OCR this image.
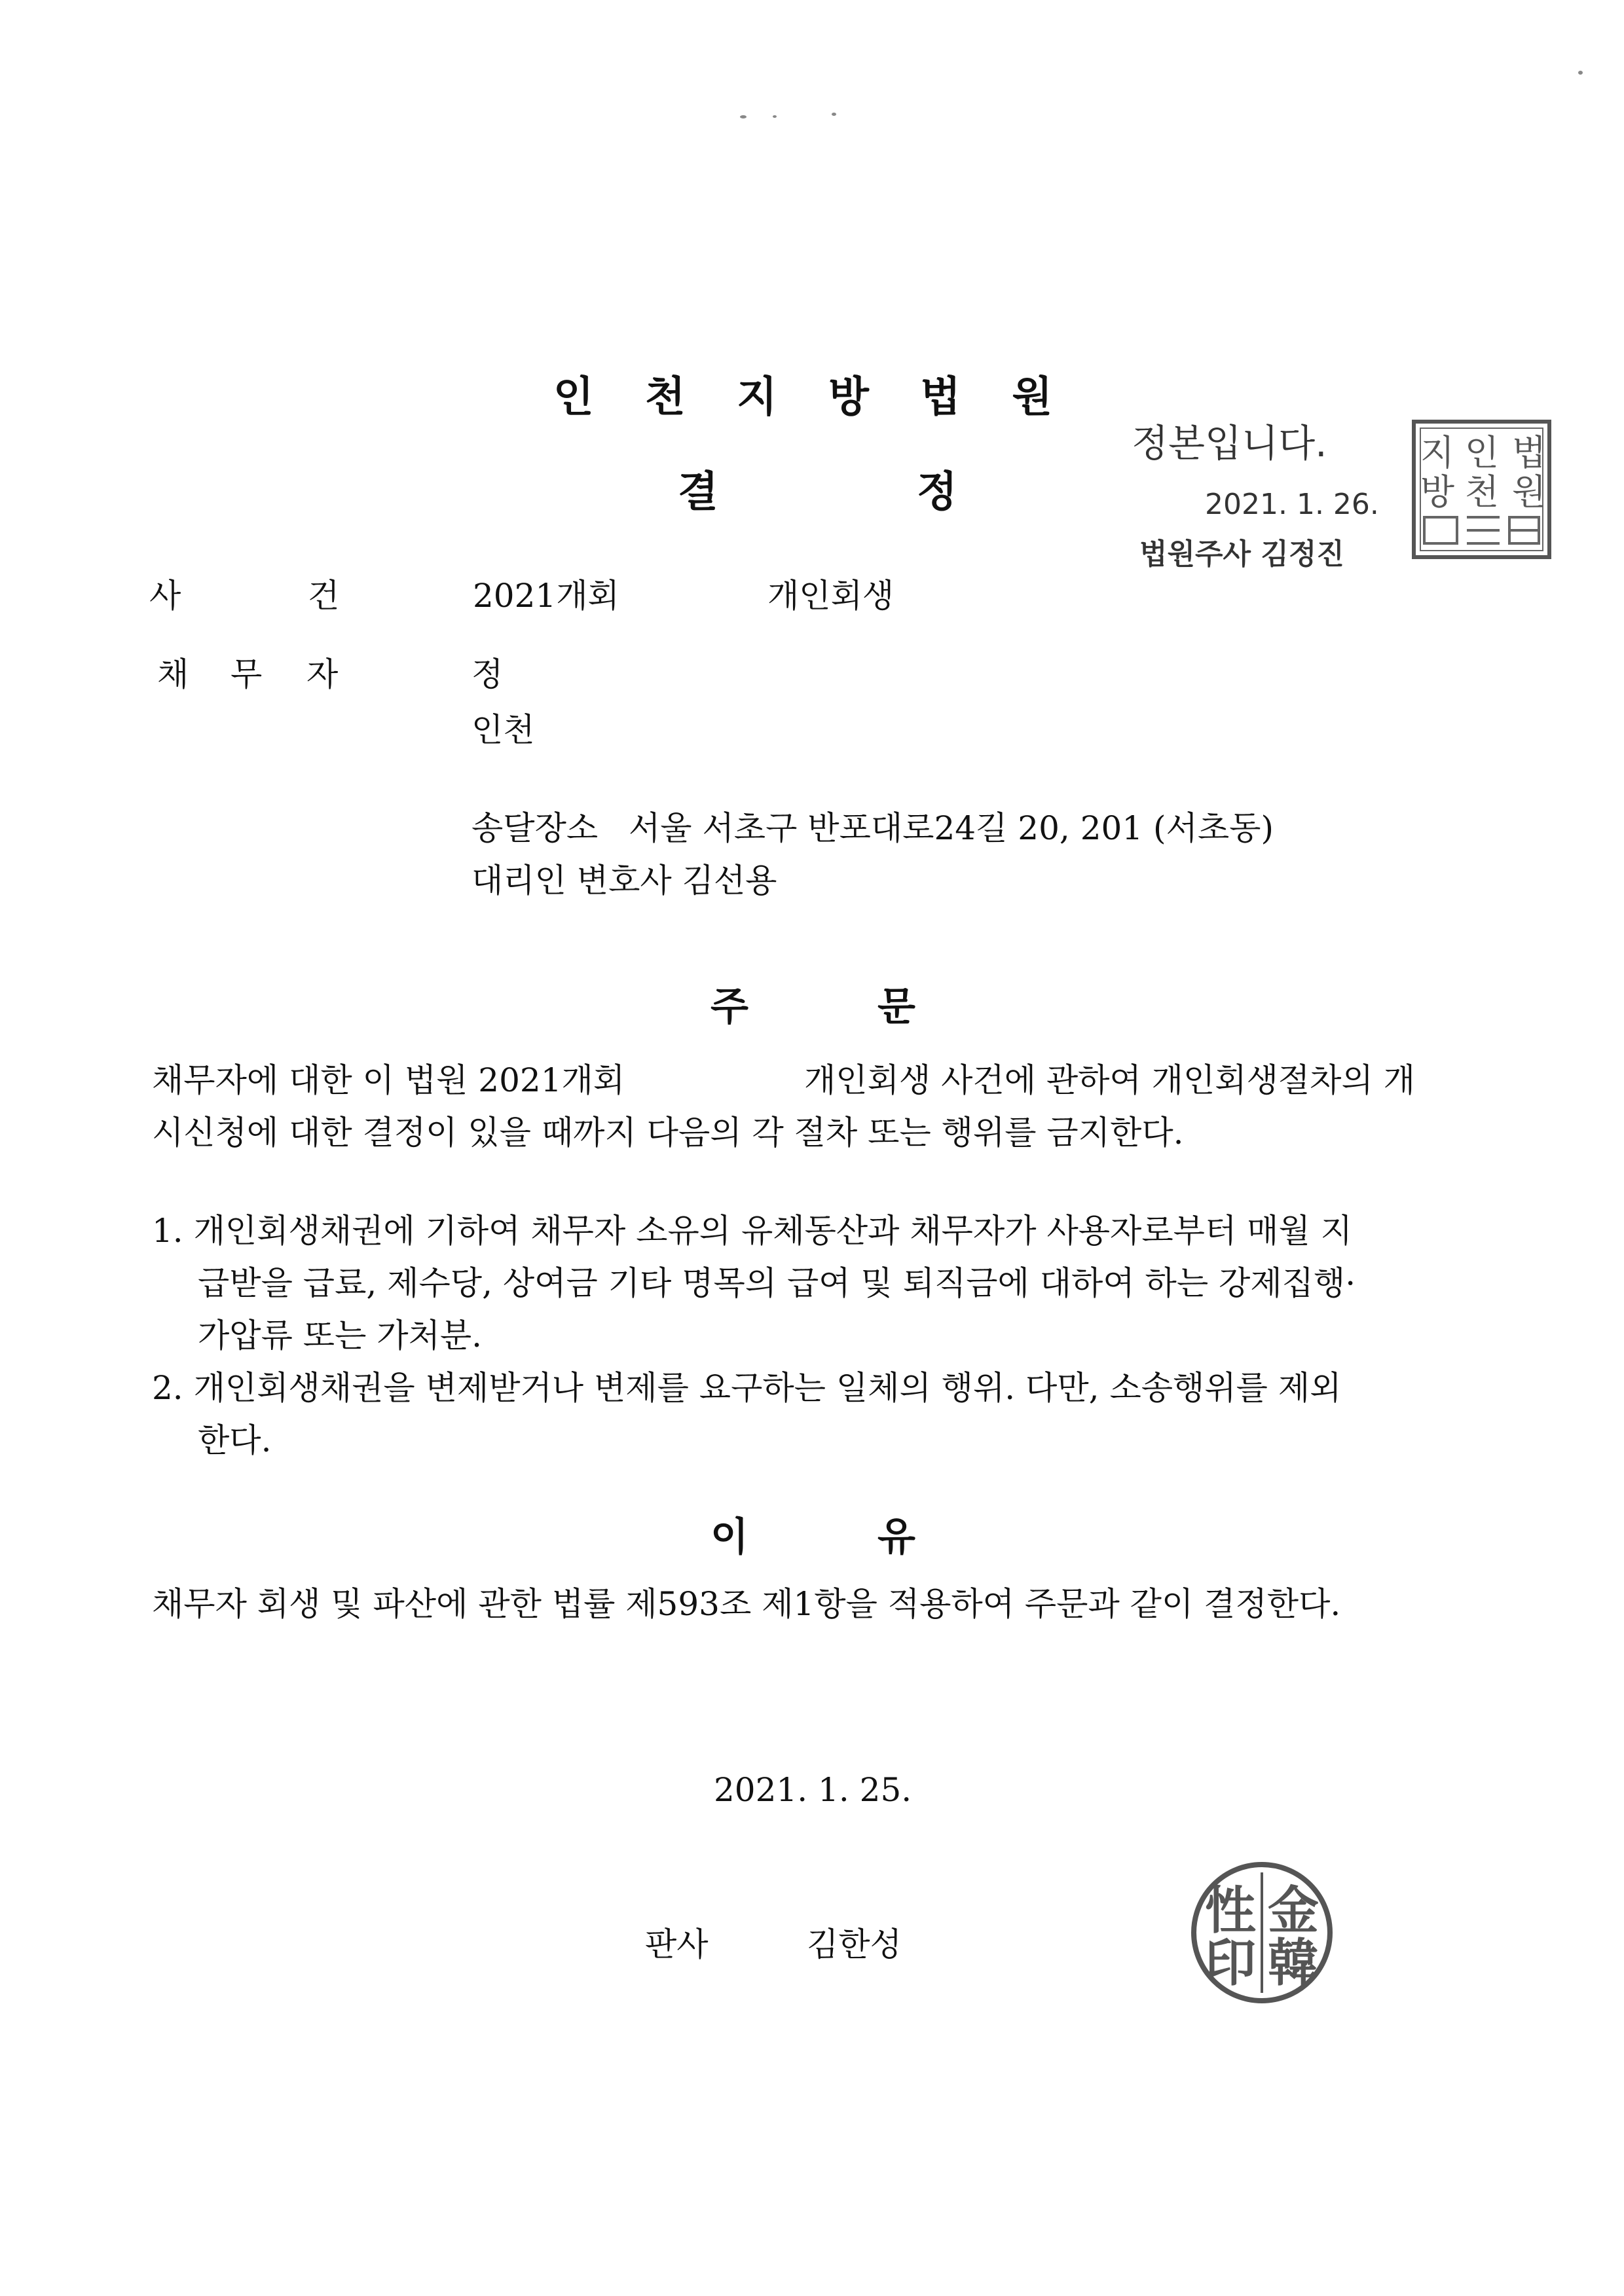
인 천 지 방 법 원
결	정
정본입니다.
2021. 1. 26.
법원주사 김정진
법
원
인
천
지
방
사	건	2021개회	개인회생
채 무 자	정
인천
송달장소 서울 서초구 반포대로24길 20, 201 (서초동)
대리인 변호사 김선용
주	문
채무자에 대한 이 법원 2021개회	개인회생 사건에 관하여 개인회생절차의 개
시신청에 대한 결정이 있을 때까지 다음의 각 절차 또는 행위를 금지한다.
1. 개인회생채권에 기하여 채무자 소유의 유체동산과 채무자가 사용자로부터 매월 지
급받을 급료, 제수당, 상여금 기타 명목의 급여 및 퇴직금에 대하여 하는 강제집행·
가압류 또는 가처분.
2. 개인회생채권을 변제받거나 변제를 요구하는 일체의 행위. 다만, 소송행위를 제외
한다.
이	유
채무자 회생 및 파산에 관한 법률 제593조 제1항을 적용하여 주문과 같이 결정한다.
2021. 1. 25.
판사	김한성
金
韓
性
印
